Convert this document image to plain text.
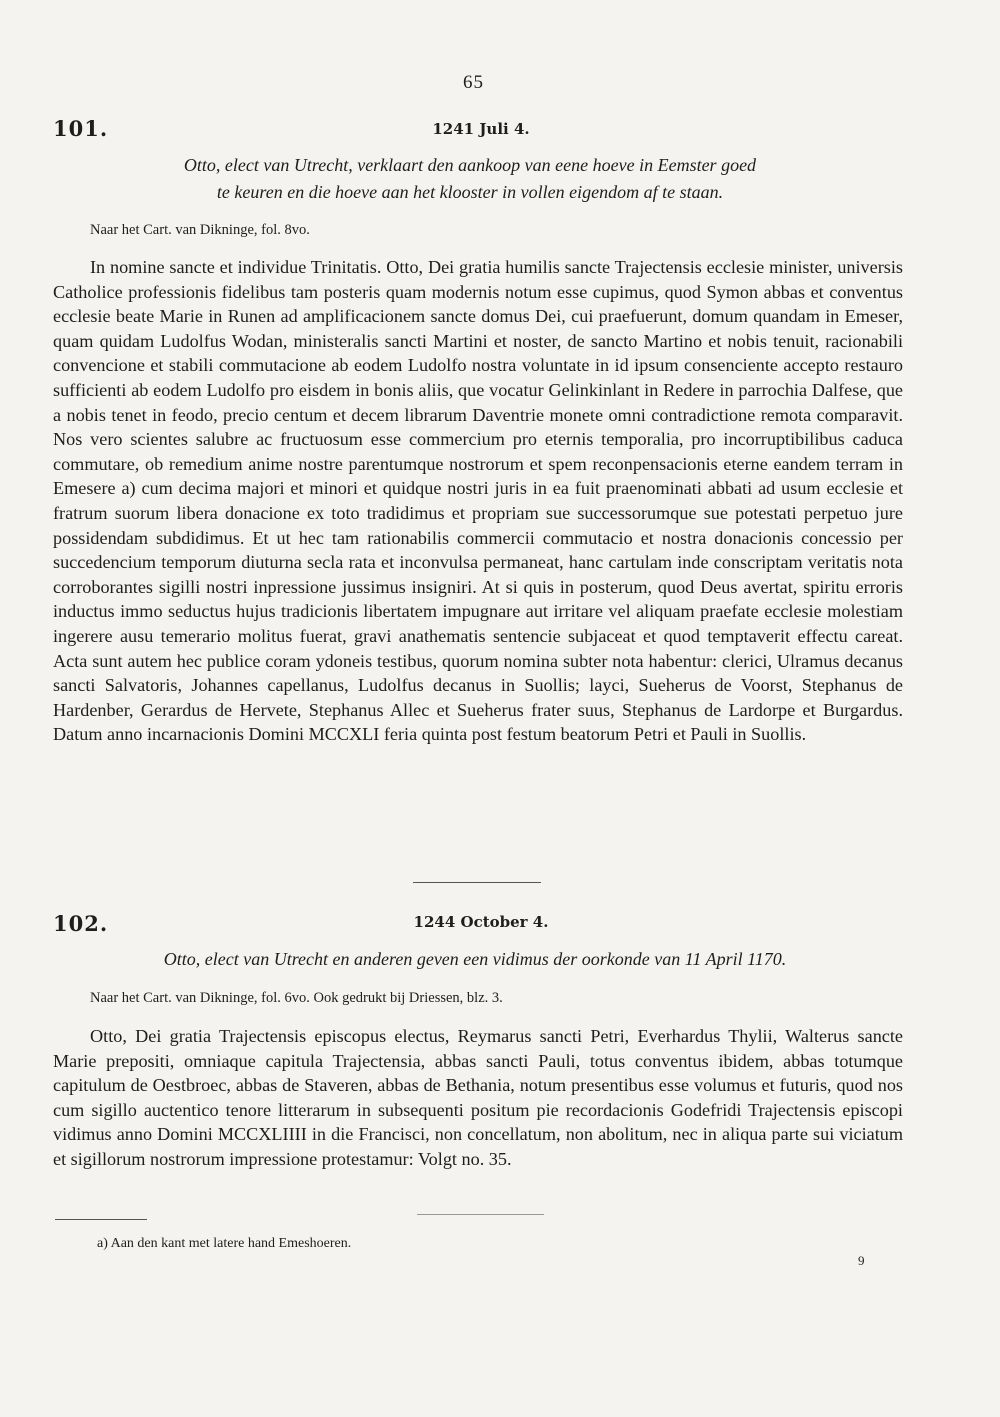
65
101.	1241 Juli 4.

Otto, elect van Utrecht, verklaart den aankoop van eene hoeve in Eemster goed
te keuren en die hoeve aan het klooster in vollen eigendom af te staan.

Naar het Cart. van Dikninge, fol. 8vo.

In nomine sancte et individue Trinitatis. Otto, Dei gratia humilis sancte Trajectensis ecclesie minister, universis Catholice professionis fidelibus tam posteris quam modernis notum esse cupimus, quod Symon abbas et conventus ecclesie beate Marie in Runen ad amplificacionem sancte domus Dei, cui praefuerunt, domum quandam in Emeser, quam quidam Ludolfus Wodan, ministeralis sancti Martini et noster, de sancto Martino et nobis tenuit, racionabili convencione et stabili commutacione ab eodem Ludolfo nostra voluntate in id ipsum consenciente accepto restauro sufficienti ab eodem Ludolfo pro eisdem in bonis aliis, que vocatur Gelinkinlant in Redere in parrochia Dalfese, que a nobis tenet in feodo, precio centum et decem librarum Daventrie monete omni contradictione remota comparavit. Nos vero scientes salubre ac fructuosum esse commercium pro eternis temporalia, pro incorruptibilibus caduca commutare, ob remedium anime nostre parentumque nostrorum et spem reconpensacionis eterne eandem terram in Emesere a) cum decima majori et minori et quidque nostri juris in ea fuit praenominati abbati ad usum ecclesie et fratrum suorum libera donacione ex toto tradidimus et propriam sue successorumque sue potestati perpetuo jure possidendam subdidimus. Et ut hec tam rationabilis commercii commutacio et nostra donacionis concessio per succedencium temporum diuturna secla rata et inconvulsa permaneat, hanc cartulam inde conscriptam veritatis nota corroborantes sigilli nostri inpressione jussimus insigniri. At si quis in posterum, quod Deus avertat, spiritu erroris inductus immo seductus hujus tradicionis libertatem impugnare aut irritare vel aliquam praefate ecclesie molestiam ingerere ausu temerario molitus fuerat, gravi anathematis sentencie subjaceat et quod temptaverit effectu careat. Acta sunt autem hec publice coram ydoneis testibus, quorum nomina subter nota habentur: clerici, Ulramus decanus sancti Salvatoris, Johannes capellanus, Ludolfus decanus in Suollis; layci, Sueherus de Voorst, Stephanus de Hardenber, Gerardus de Hervete, Stephanus Allec et Sueherus frater suus, Stephanus de Lardorpe et Burgardus. Datum anno incarnacionis Domini MCCXLI feria quinta post festum beatorum Petri et Pauli in Suollis.

102.	1244 October 4.

Otto, elect van Utrecht en anderen geven een vidimus der oorkonde van 11 April 1170.

Naar het Cart. van Dikninge, fol. 6vo. Ook gedrukt bij Driessen, blz. 3.

Otto, Dei gratia Trajectensis episcopus electus, Reymarus sancti Petri, Everhardus Thylii, Walterus sancte Marie prepositi, omniaque capitula Trajectensia, abbas sancti Pauli, totus conventus ibidem, abbas totumque capitulum de Oestbroec, abbas de Staveren, abbas de Bethania, notum presentibus esse volumus et futuris, quod nos cum sigillo auctentico tenore litterarum in subsequenti positum pie recordacionis Godefridi Trajectensis episcopi vidimus anno Domini MCCXLIIII in die Francisci, non concellatum, non abolitum, nec in aliqua parte sui viciatum et sigillorum nostrorum impressione protestamur: Volgt no. 35.

a) Aan den kant met latere hand Emeshoeren.
9
